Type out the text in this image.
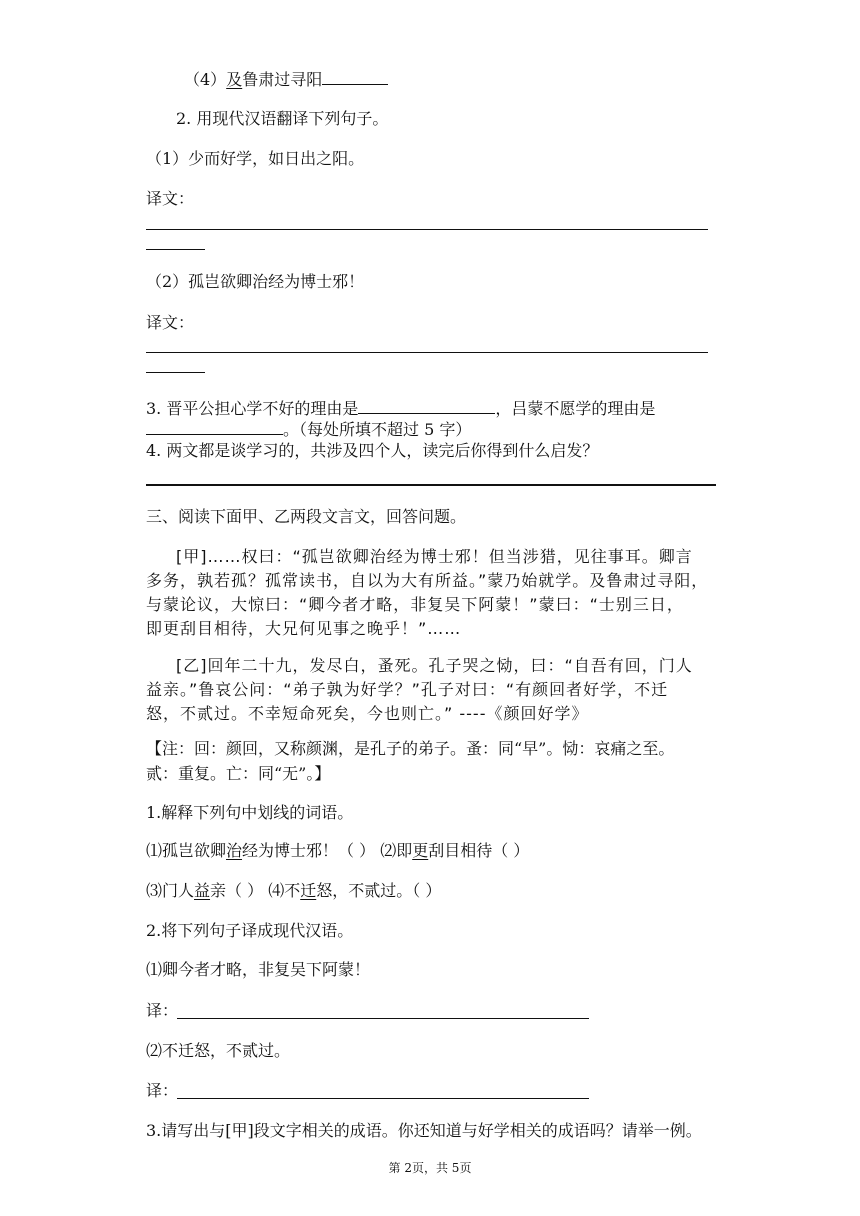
（4）及鲁肃过寻阳
2. 用现代汉语翻译下列句子。
（1）少而好学，如日出之阳。
译文：
（2）孤岂欲卿治经为博士邪！
译文：
3. 晋平公担心学不好的理由是	，吕蒙不愿学的理由是
。（每处所填不超过 5 字）
4. 两文都是谈学习的，共涉及四个人，读完后你得到什么启发？
三、阅读下面甲、乙两段文言文，回答问题。
[甲]……权曰：“孤岂欲卿治经为博士邪！但当涉猎，见往事耳。卿言
多务，孰若孤？孤常读书，自以为大有所益。”蒙乃始就学。及鲁肃过寻阳，
与蒙论议，大惊曰：“卿今者才略，非复吴下阿蒙！”蒙曰：“士别三日，
即更刮目相待，大兄何见事之晚乎！”……
[乙]回年二十九，发尽白，蚤死。孔子哭之恸，曰：“自吾有回，门人
益亲。”鲁哀公问：“弟子孰为好学？”孔子对曰：“有颜回者好学，不迁
怒，不贰过。不幸短命死矣，今也则亡。” ----《颜回好学》
【注：回：颜回，又称颜渊，是孔子的弟子。蚤：同“早”。恸：哀痛之至。
贰：重复。亡：同“无”。】
1.解释下列句中划线的词语。
⑴孤岂欲卿治经为博士邪！（ ） ⑵即更刮目相待（ ）
⑶门人益亲（ ） ⑷不迁怒，不贰过。（ ）
2.将下列句子译成现代汉语。
⑴卿今者才略，非复吴下阿蒙！
译：
⑵不迁怒，不贰过。
译：
3.请写出与[甲]段文字相关的成语。你还知道与好学相关的成语吗？请举一例。
第 2页，共 5页
